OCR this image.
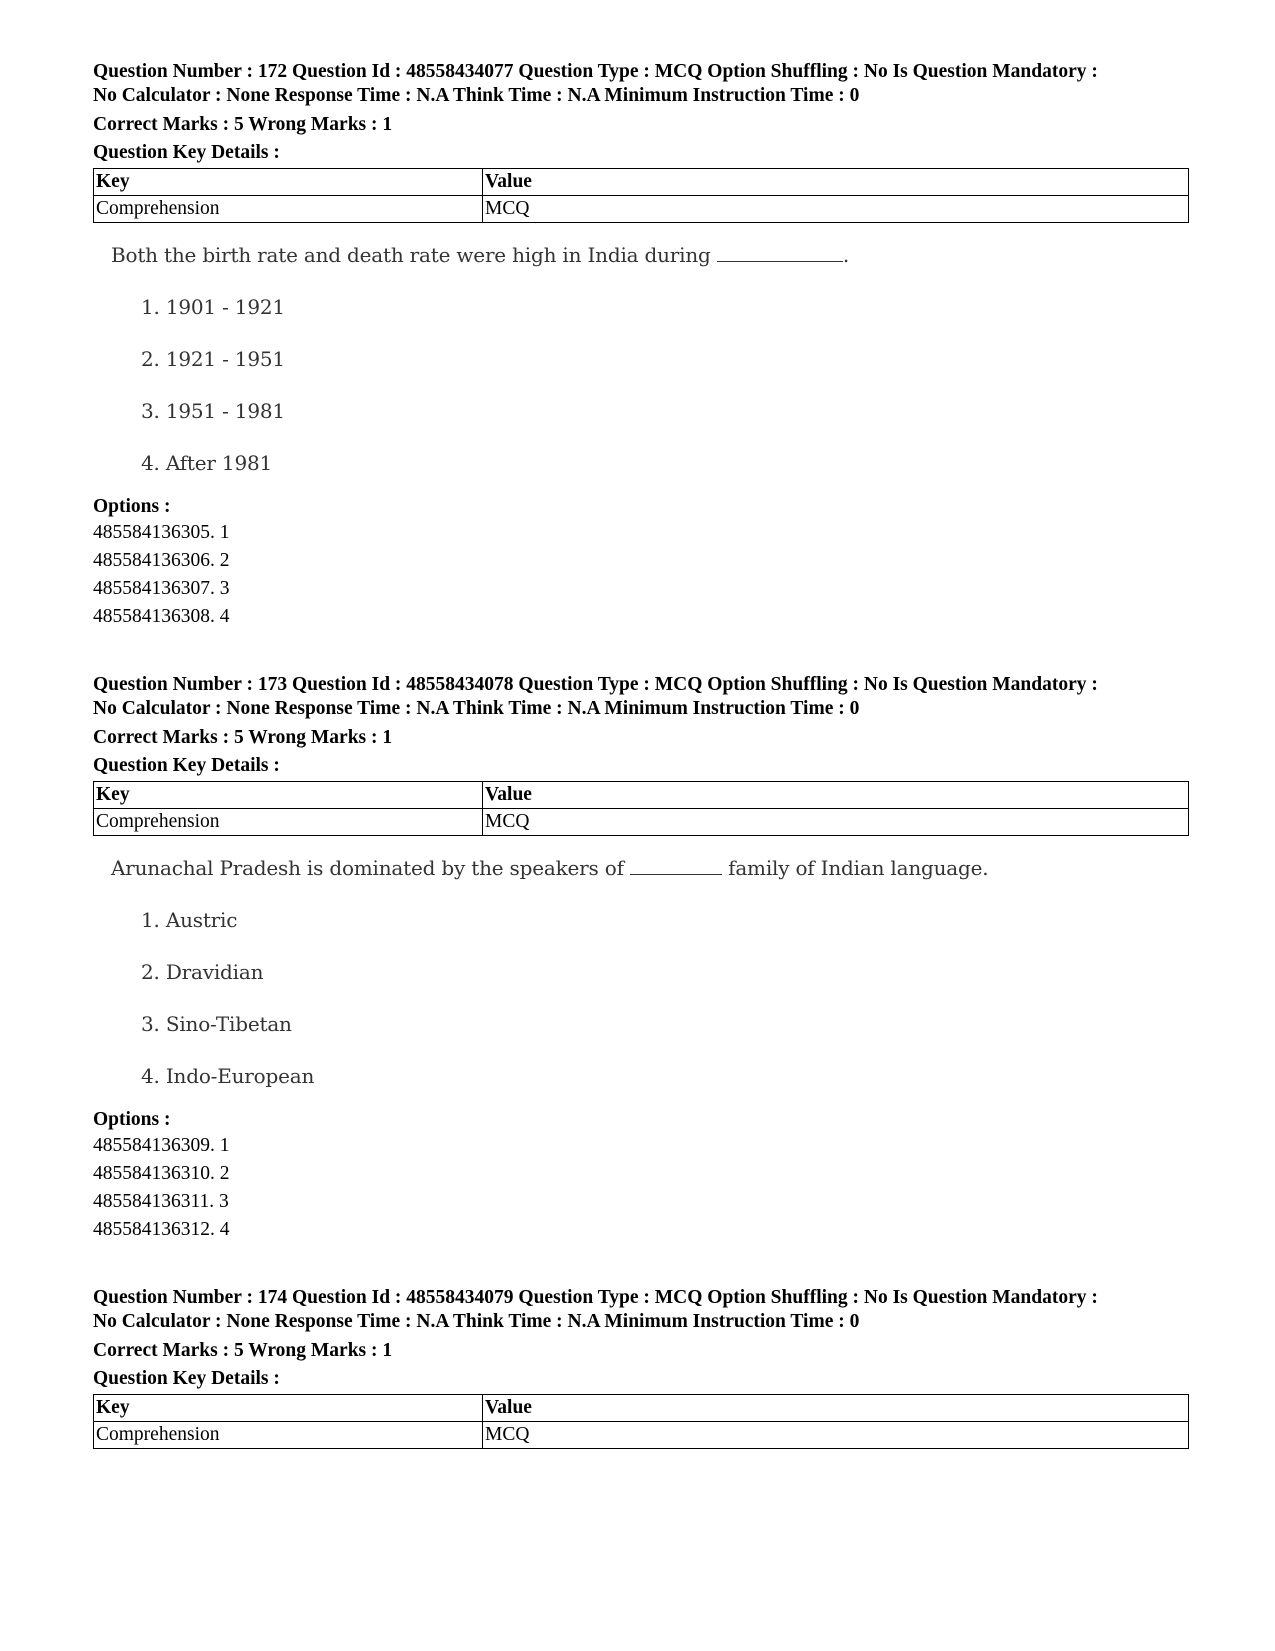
Question Number : 172 Question Id : 48558434077 Question Type : MCQ Option Shuffling : No Is Question Mandatory :
No Calculator : None Response Time : N.A Think Time : N.A Minimum Instruction Time : 0
Correct Marks : 5 Wrong Marks : 1
Question Key Details :
Key	Value
Comprehension	MCQ
Both the birth rate and death rate were high in India during	.
1. 1901 - 1921
2. 1921 - 1951
3. 1951 - 1981
4. After 1981
Options :
485584136305. 1
485584136306. 2
485584136307. 3
485584136308. 4
Question Number : 173 Question Id : 48558434078 Question Type : MCQ Option Shuffling : No Is Question Mandatory :
No Calculator : None Response Time : N.A Think Time : N.A Minimum Instruction Time : 0
Correct Marks : 5 Wrong Marks : 1
Question Key Details :
Key	Value
Comprehension	MCQ
Arunachal Pradesh is dominated by the speakers of	family of Indian language.
1. Austric
2. Dravidian
3. Sino-Tibetan
4. Indo-European
Options :
485584136309. 1
485584136310. 2
485584136311. 3
485584136312. 4
Question Number : 174 Question Id : 48558434079 Question Type : MCQ Option Shuffling : No Is Question Mandatory :
No Calculator : None Response Time : N.A Think Time : N.A Minimum Instruction Time : 0
Correct Marks : 5 Wrong Marks : 1
Question Key Details :
Key	Value
Comprehension	MCQ
